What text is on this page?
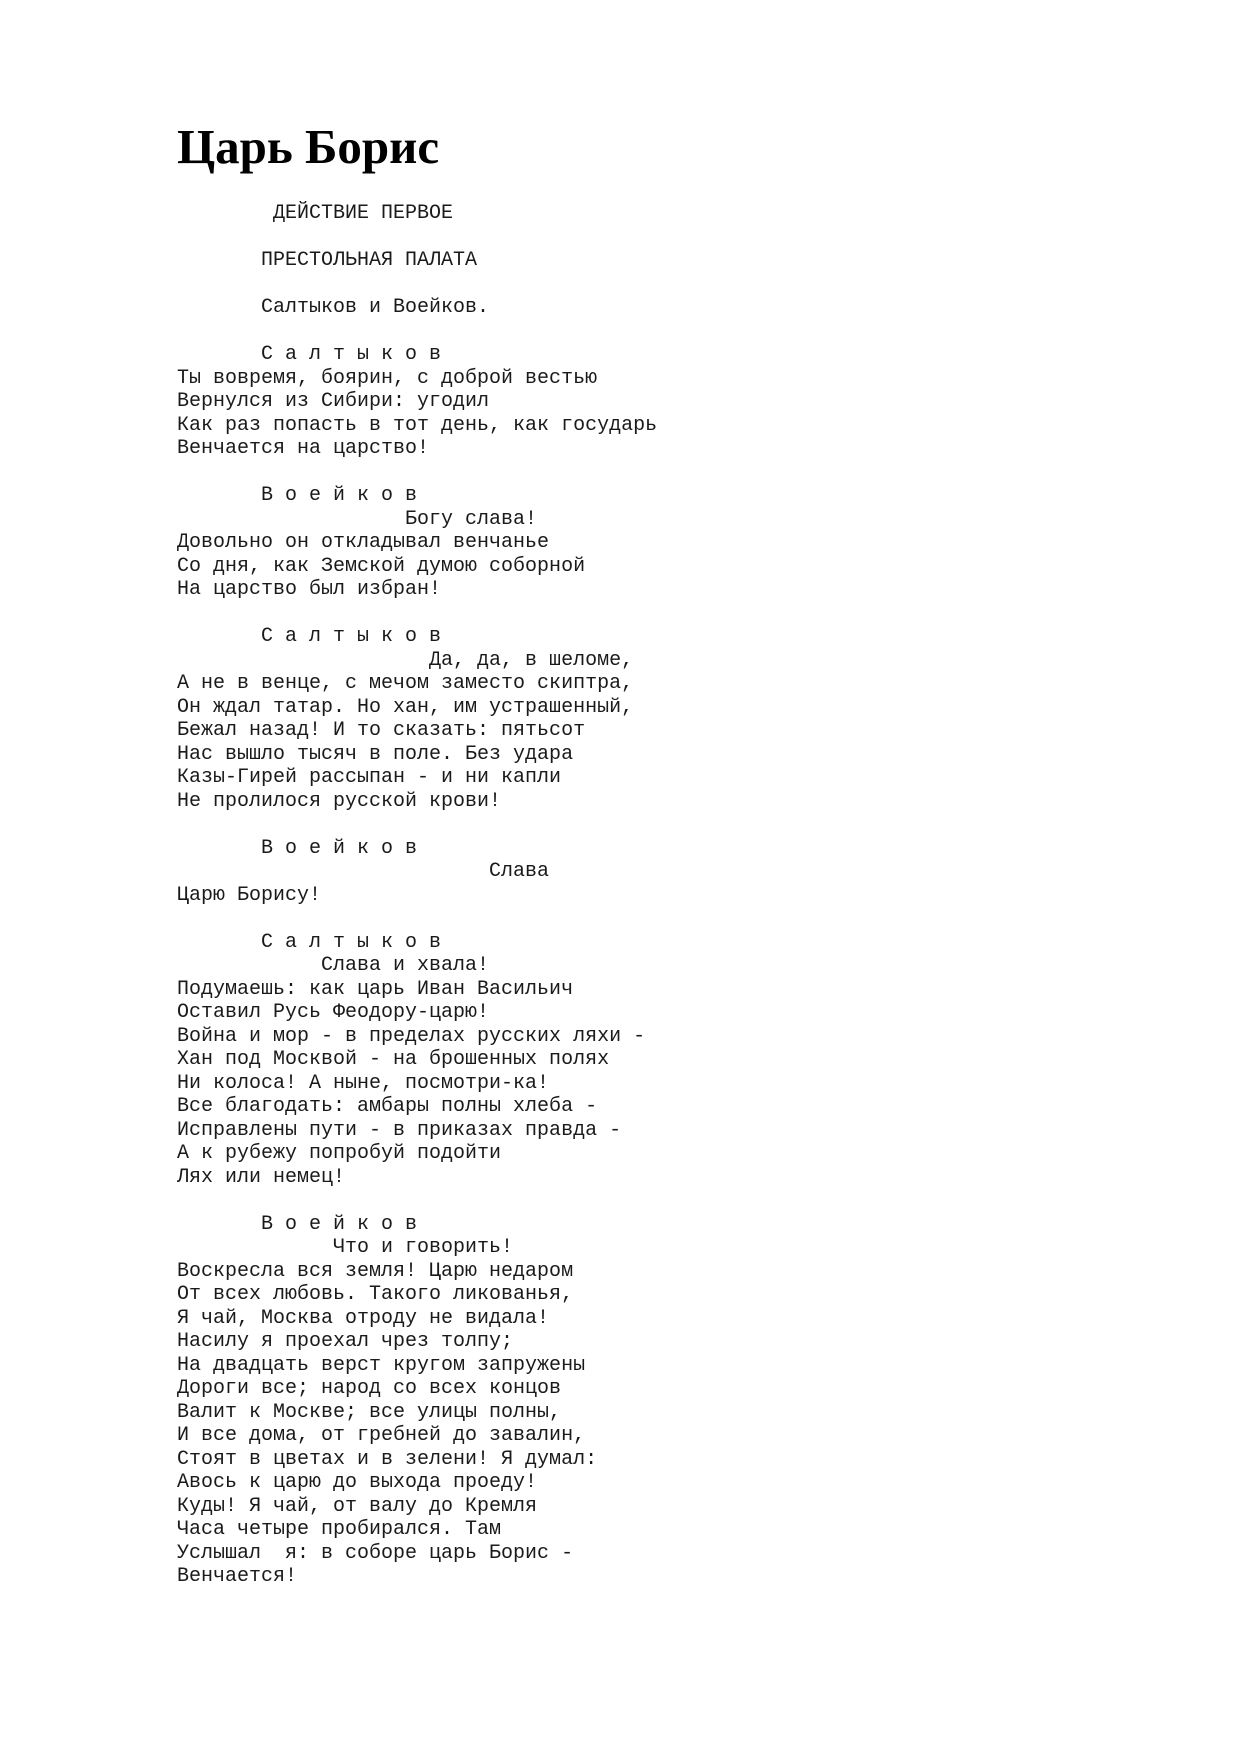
Царь Борис
ДЕЙСТВИЕ ПЕРВОЕ
ПРЕСТОЛЬНАЯ ПАЛАТА
Салтыков и Воейков.
С а л т ы к о в
Ты вовремя, боярин, с доброй вестью
Вернулся из Сибири: угодил
Как раз попасть в тот день, как государь
Венчается на царство!
В о е й к о в
Богу слава!
Довольно он откладывал венчанье
Со дня, как Земской думою соборной
На царство был избран!
С а л т ы к о в
Да, да, в шеломе,
А не в венце, с мечом заместо скиптра,
Он ждал татар. Но хан, им устрашенный,
Бежал назад! И то сказать: пятьсот
Нас вышло тысяч в поле. Без удара
Казы-Гирей рассыпан - и ни капли
Не пролилося русской крови!
В о е й к о в
Слава
Царю Борису!
С а л т ы к о в
Слава и хвала!
Подумаешь: как царь Иван Васильич
Оставил Русь Феодору-царю!
Война и мор - в пределах русских ляхи -
Хан под Москвой - на брошенных полях
Ни колоса! А ныне, посмотри-ка!
Все благодать: амбары полны хлеба -
Исправлены пути - в приказах правда -
А к рубежу попробуй подойти
Лях или немец!
В о е й к о в
Что и говорить!
Воскресла вся земля! Царю недаром
От всех любовь. Такого ликованья,
Я чай, Москва отроду не видала!
Насилу я проехал чрез толпу;
На двадцать верст кругом запружены
Дороги все; народ со всех концов
Валит к Москве; все улицы полны,
И все дома, от гребней до завалин,
Стоят в цветах и в зелени! Я думал:
Авось к царю до выхода проеду!
Куды! Я чай, от валу до Кремля
Часа четыре пробирался. Там
Услышал  я: в соборе царь Борис -
Венчается!
